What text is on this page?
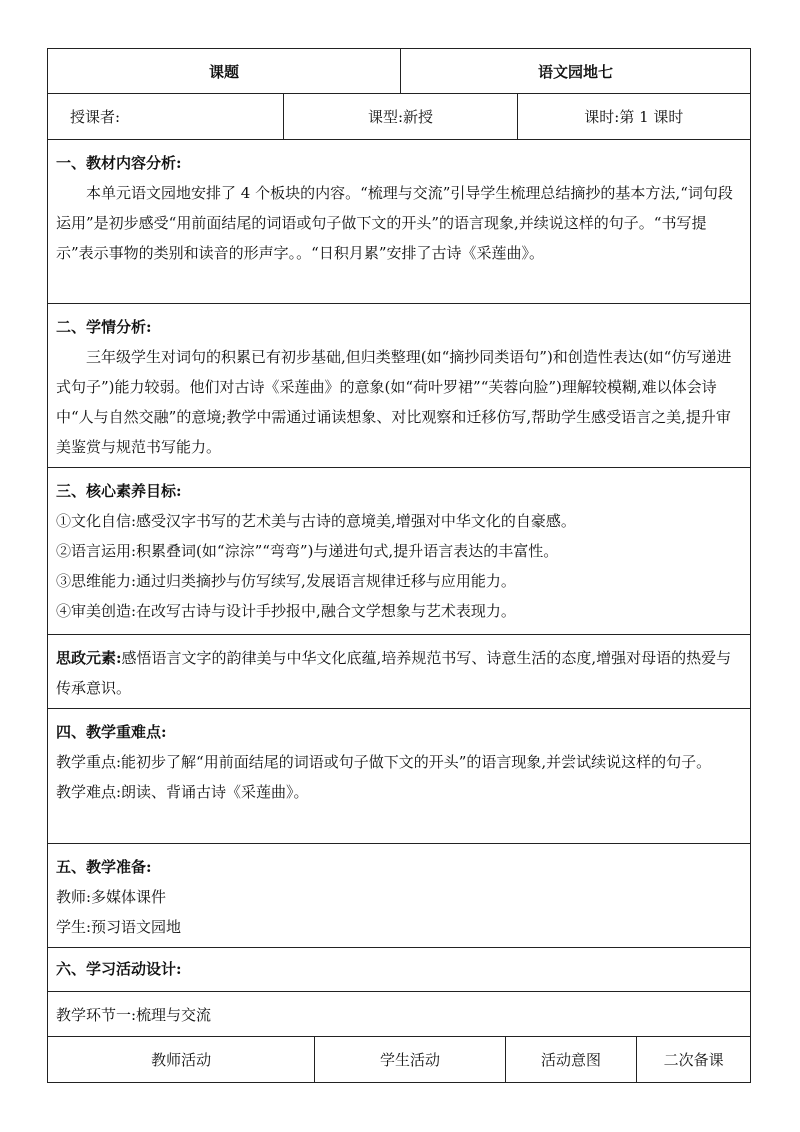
课题	语文园地七
授课者:	课型:新授	课时:第 1 课时

一、教材内容分析:

本单元语文园地安排了 4 个板块的内容。“梳理与交流”引导学生梳理总结摘抄的基本方法,“词句段运用”是初步感受“用前面结尾的词语或句子做下文的开头”的语言现象,并续说这样的句子。“书写提示”表示事物的类别和读音的形声字。。“日积月累”安排了古诗《采莲曲》。

二、学情分析:

三年级学生对词句的积累已有初步基础,但归类整理(如“摘抄同类语句”)和创造性表达(如“仿写递进式句子”)能力较弱。他们对古诗《采莲曲》的意象(如“荷叶罗裙”“芙蓉向脸”)理解较模糊,难以体会诗中“人与自然交融”的意境;教学中需通过诵读想象、对比观察和迁移仿写,帮助学生感受语言之美,提升审美鉴赏与规范书写能力。

三、核心素养目标:

①文化自信:感受汉字书写的艺术美与古诗的意境美,增强对中华文化的自豪感。

②语言运用:积累叠词(如“淙淙”“弯弯”)与递进句式,提升语言表达的丰富性。

③思维能力:通过归类摘抄与仿写续写,发展语言规律迁移与应用能力。

④审美创造:在改写古诗与设计手抄报中,融合文学想象与艺术表现力。

思政元素:感悟语言文字的韵律美与中华文化底蕴,培养规范书写、诗意生活的态度,增强对母语的热爱与传承意识。

四、教学重难点:

教学重点:能初步了解“用前面结尾的词语或句子做下文的开头”的语言现象,并尝试续说这样的句子。

教学难点:朗读、背诵古诗《采莲曲》。

五、教学准备:

教师:多媒体课件

学生:预习语文园地

六、学习活动设计:

教学环节一:梳理与交流

教师活动	学生活动	活动意图	二次备课
